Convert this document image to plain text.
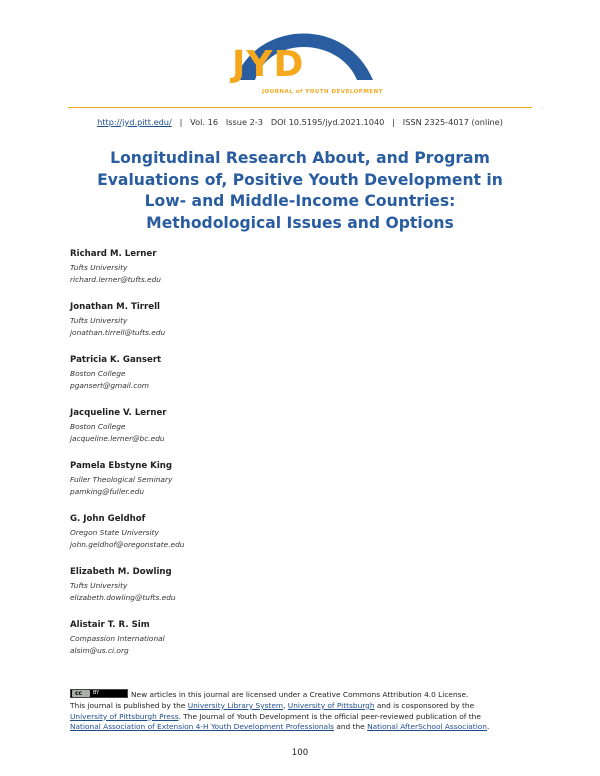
JYD
JOURNAL of YOUTH DEVELOPMENT
http://jyd.pitt.edu/ | Vol. 16 Issue 2-3 DOI 10.5195/jyd.2021.1040 | ISSN 2325-4017 (online)
Longitudinal Research About, and Program
Evaluations of, Positive Youth Development in
Low- and Middle-Income Countries:
Methodological Issues and Options
Richard M. Lerner
Tufts University
richard.lerner@tufts.edu
Jonathan M. Tirrell
Tufts University
jonathan.tirrell@tufts.edu
Patricia K. Gansert
Boston College
pgansert@gmail.com
Jacqueline V. Lerner
Boston College
jacqueline.lerner@bc.edu
Pamela Ebstyne King
Fuller Theological Seminary
pamking@fuller.edu
G. John Geldhof
Oregon State University
john.geldhof@oregonstate.edu
Elizabeth M. Dowling
Tufts University
elizabeth.dowling@tufts.edu
Alistair T. R. Sim
Compassion International
alsim@us.ci.org
cc BY	New articles in this journal are licensed under a Creative Commons Attribution 4.0 License.
This journal is published by the University Library System, University of Pittsburgh and is cosponsored by the
University of Pittsburgh Press. The Journal of Youth Development is the official peer-reviewed publication of the
National Association of Extension 4-H Youth Development Professionals and the National AfterSchool Association.
100
